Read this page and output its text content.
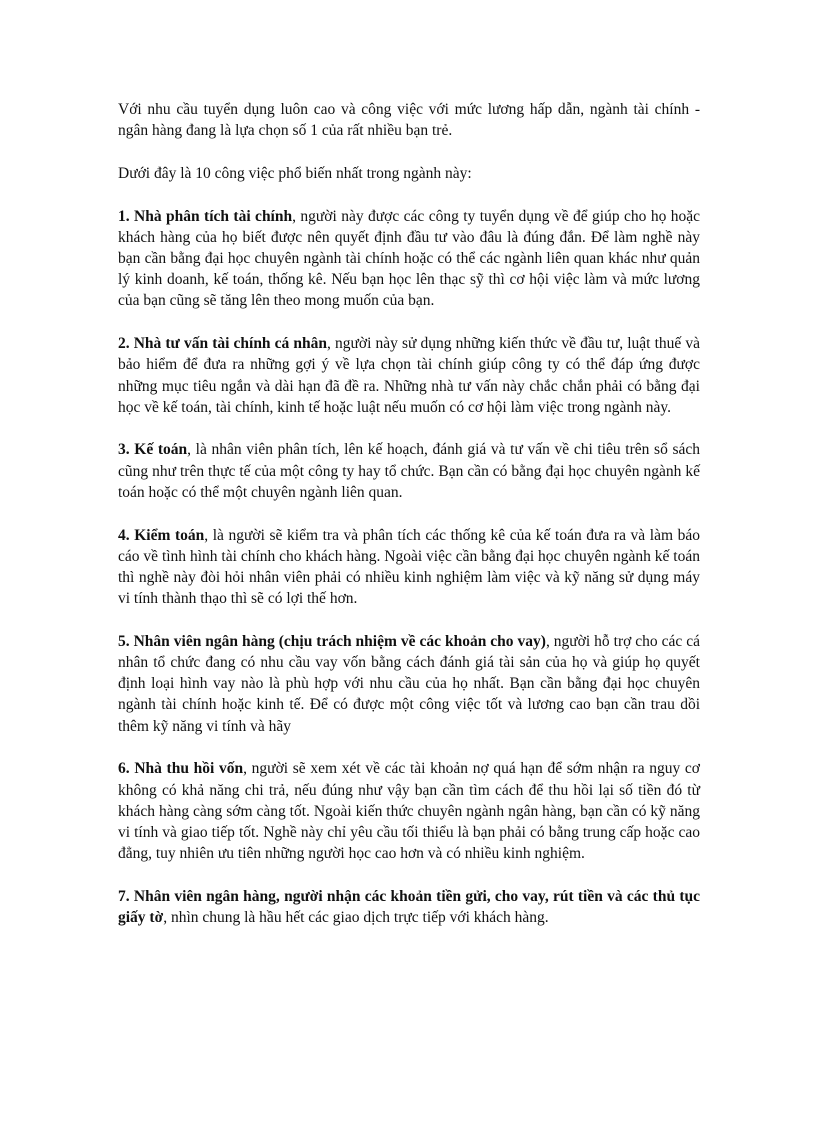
Với nhu cầu tuyển dụng luôn cao và công việc với mức lương hấp dẫn, ngành tài chính - ngân hàng đang là lựa chọn số 1 của rất nhiều bạn trẻ.

Dưới đây là 10 công việc phổ biến nhất trong ngành này:

1. Nhà phân tích tài chính, người này được các công ty tuyển dụng về để giúp cho họ hoặc khách hàng của họ biết được nên quyết định đầu tư vào đâu là đúng đắn. Để làm nghề này bạn cần bằng đại học chuyên ngành tài chính hoặc có thể các ngành liên quan khác như quản lý kinh doanh, kế toán, thống kê. Nếu bạn học lên thạc sỹ thì cơ hội việc làm và mức lương của bạn cũng sẽ tăng lên theo mong muốn của bạn.

2. Nhà tư vấn tài chính cá nhân, người này sử dụng những kiến thức về đầu tư, luật thuế và bảo hiểm để đưa ra những gợi ý về lựa chọn tài chính giúp công ty có thể đáp ứng được những mục tiêu ngắn và dài hạn đã đề ra. Những nhà tư vấn này chắc chắn phải có bằng đại học về kế toán, tài chính, kinh tế hoặc luật nếu muốn có cơ hội làm việc trong ngành này.

3. Kế toán, là nhân viên phân tích, lên kế hoạch, đánh giá và tư vấn về chi tiêu trên sổ sách cũng như trên thực tế của một công ty hay tổ chức. Bạn cần có bằng đại học chuyên ngành kế toán hoặc có thể một chuyên ngành liên quan.

4. Kiểm toán, là người sẽ kiểm tra và phân tích các thống kê của kế toán đưa ra và làm báo cáo về tình hình tài chính cho khách hàng. Ngoài việc cần bằng đại học chuyên ngành kế toán thì nghề này đòi hỏi nhân viên phải có nhiều kinh nghiệm làm việc và kỹ năng sử dụng máy vi tính thành thạo thì sẽ có lợi thế hơn.

5. Nhân viên ngân hàng (chịu trách nhiệm về các khoản cho vay), người hỗ trợ cho các cá nhân tổ chức đang có nhu cầu vay vốn bằng cách đánh giá tài sản của họ và giúp họ quyết định loại hình vay nào là phù hợp với nhu cầu của họ nhất. Bạn cần bằng đại học chuyên ngành tài chính hoặc kinh tế. Để có được một công việc tốt và lương cao bạn cần trau dồi thêm kỹ năng vi tính và hãy

6. Nhà thu hồi vốn, người sẽ xem xét về các tài khoản nợ quá hạn để sớm nhận ra nguy cơ không có khả năng chi trả, nếu đúng như vậy bạn cần tìm cách để thu hồi lại số tiền đó từ khách hàng càng sớm càng tốt. Ngoài kiến thức chuyên ngành ngân hàng, bạn cần có kỹ năng vi tính và giao tiếp tốt. Nghề này chỉ yêu cầu tối thiểu là bạn phải có bằng trung cấp hoặc cao đẳng, tuy nhiên ưu tiên những người học cao hơn và có nhiều kinh nghiệm.

7. Nhân viên ngân hàng, người nhận các khoản tiền gửi, cho vay, rút tiền và các thủ tục giấy tờ, nhìn chung là hầu hết các giao dịch trực tiếp với khách hàng.
